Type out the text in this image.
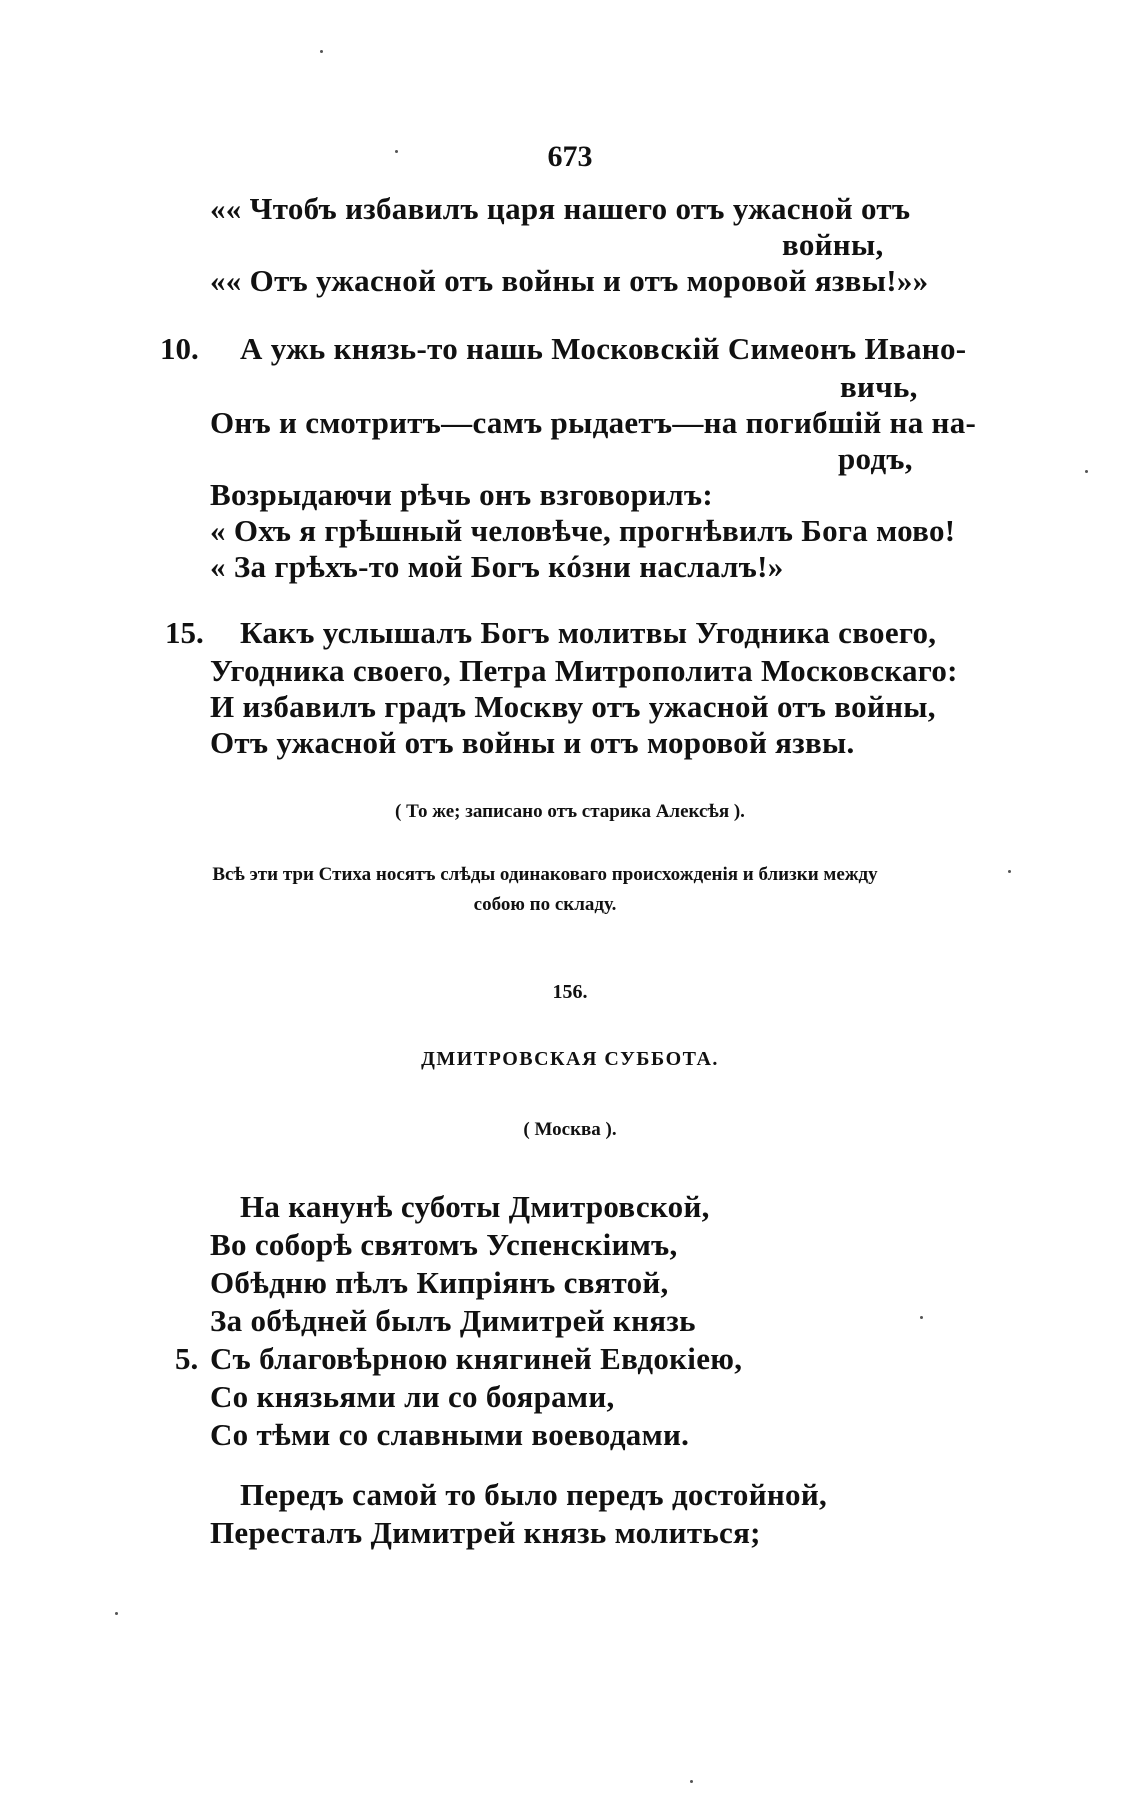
673
«« Чтобъ избавилъ царя нашего отъ ужасной отъ
войны,
«« Отъ ужасной отъ войны и отъ моровой язвы!»»
10. А ужь князь-то нашь Московскій Симеонъ Ивано-
вичь,
Онъ и смотритъ—самъ рыдаетъ—на погибшій на на-
родъ,
Возрыдаючи рѣчь онъ взговорилъ:
« Охъ я грѣшный человѣче, прогнѣвилъ Бога мово!
« За грѣхъ-то мой Богъ кóзни наслалъ!»
15. Какъ услышалъ Богъ молитвы Угодника своего,
Угодника своего, Петра Митрополита Московскаго:
И избавилъ градъ Москву отъ ужасной отъ войны,
Отъ ужасной отъ войны и отъ моровой язвы.
( То же; записано отъ старика Алексѣя ).
Всѣ эти три Стиха носятъ слѣды одинаковаго происхожденія и близки между
собою по складу.
156.
ДМИТРОВСКАЯ СУББОТА.
( Москва ).
На канунѣ суботы Дмитровской,
Во соборѣ святомъ Успенскіимъ,
Обѣдню пѣлъ Кипріянъ святой,
За обѣдней былъ Димитрей князь
5. Съ благовѣрною княгиней Евдокіею,
Со князьями ли со боярами,
Со тѣми со славными воеводами.
Передъ самой то было передъ достойной,
Пересталъ Димитрей князь молиться;
